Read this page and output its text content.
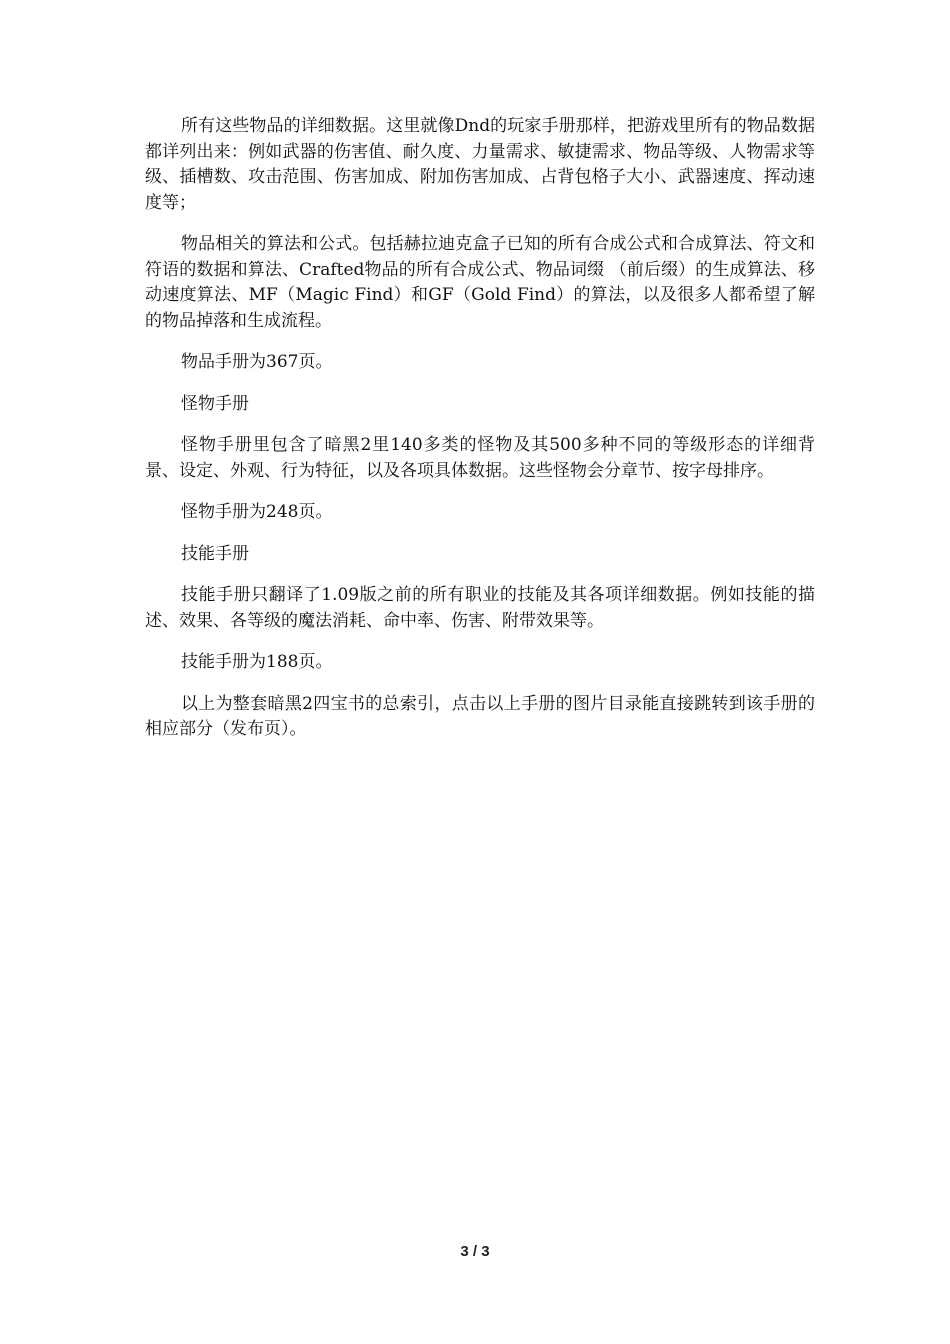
所有这些物品的详细数据。这里就像Dnd的玩家手册那样，把游戏里所有的物品数据都详列出来：例如武器的伤害值、耐久度、力量需求、敏捷需求、物品等级、人物需求等级、插槽数、攻击范围、伤害加成、附加伤害加成、占背包格子大小、武器速度、挥动速度等；

物品相关的算法和公式。包括赫拉迪克盒子已知的所有合成公式和合成算法、符文和符语的数据和算法、Crafted物品的所有合成公式、物品词缀 （前后缀）的生成算法、移动速度算法、MF（Magic Find）和GF（Gold Find）的算法，以及很多人都希望了解的物品掉落和生成流程。

物品手册为367页。

怪物手册

怪物手册里包含了暗黑2里140多类的怪物及其500多种不同的等级形态的详细背景、设定、外观、行为特征，以及各项具体数据。这些怪物会分章节、按字母排序。

怪物手册为248页。

技能手册

技能手册只翻译了1.09版之前的所有职业的技能及其各项详细数据。例如技能的描述、效果、各等级的魔法消耗、命中率、伤害、附带效果等。

技能手册为188页。

以上为整套暗黑2四宝书的总索引，点击以上手册的图片目录能直接跳转到该手册的相应部分（发布页）。

3 / 3
